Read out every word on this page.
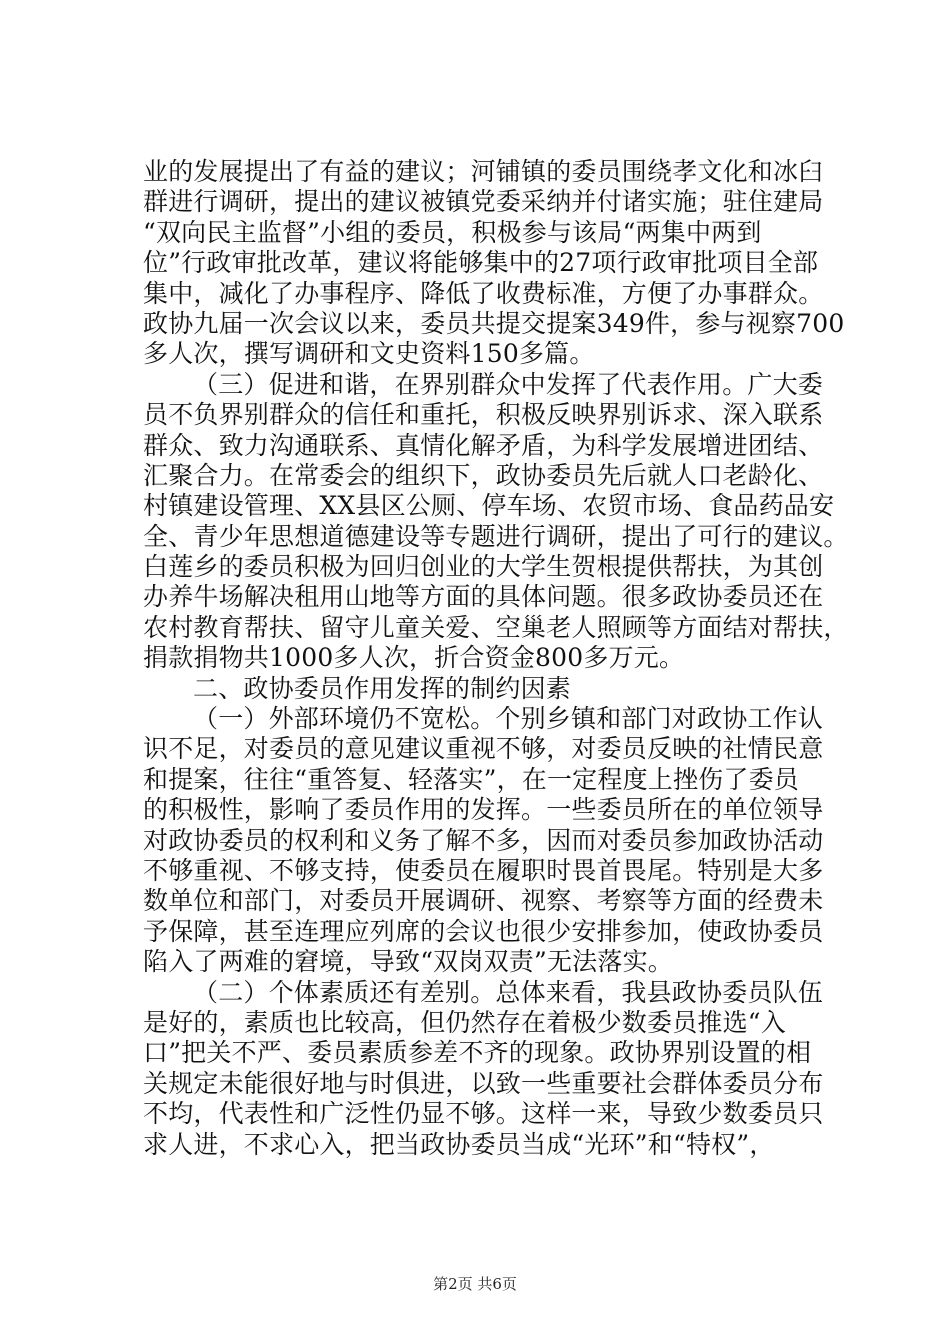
业的发展提出了有益的建议；河铺镇的委员围绕孝文化和冰臼
群进行调研，提出的建议被镇党委采纳并付诸实施；驻住建局
“双向民主监督”小组的委员，积极参与该局“两集中两到
位”行政审批改革，建议将能够集中的27项行政审批项目全部
集中，减化了办事程序、降低了收费标准，方便了办事群众。
政协九届一次会议以来，委员共提交提案349件，参与视察700
多人次，撰写调研和文史资料150多篇。
（三）促进和谐，在界别群众中发挥了代表作用。广大委
员不负界别群众的信任和重托，积极反映界别诉求、深入联系
群众、致力沟通联系、真情化解矛盾，为科学发展增进团结、
汇聚合力。在常委会的组织下，政协委员先后就人口老龄化、
村镇建设管理、XX县区公厕、停车场、农贸市场、食品药品安
全、青少年思想道德建设等专题进行调研，提出了可行的建议。
白莲乡的委员积极为回归创业的大学生贺根提供帮扶，为其创
办养牛场解决租用山地等方面的具体问题。很多政协委员还在
农村教育帮扶、留守儿童关爱、空巢老人照顾等方面结对帮扶，
捐款捐物共1000多人次，折合资金800多万元。
二、政协委员作用发挥的制约因素
（一）外部环境仍不宽松。个别乡镇和部门对政协工作认
识不足，对委员的意见建议重视不够，对委员反映的社情民意
和提案，往往“重答复、轻落实”，在一定程度上挫伤了委员
的积极性，影响了委员作用的发挥。一些委员所在的单位领导
对政协委员的权利和义务了解不多，因而对委员参加政协活动
不够重视、不够支持，使委员在履职时畏首畏尾。特别是大多
数单位和部门，对委员开展调研、视察、考察等方面的经费未
予保障，甚至连理应列席的会议也很少安排参加，使政协委员
陷入了两难的窘境，导致“双岗双责”无法落实。
（二）个体素质还有差别。总体来看，我县政协委员队伍
是好的，素质也比较高，但仍然存在着极少数委员推选“入
口”把关不严、委员素质参差不齐的现象。政协界别设置的相
关规定未能很好地与时俱进，以致一些重要社会群体委员分布
不均，代表性和广泛性仍显不够。这样一来，导致少数委员只
求人进，不求心入，把当政协委员当成“光环”和“特权”，
第2页 共6页
